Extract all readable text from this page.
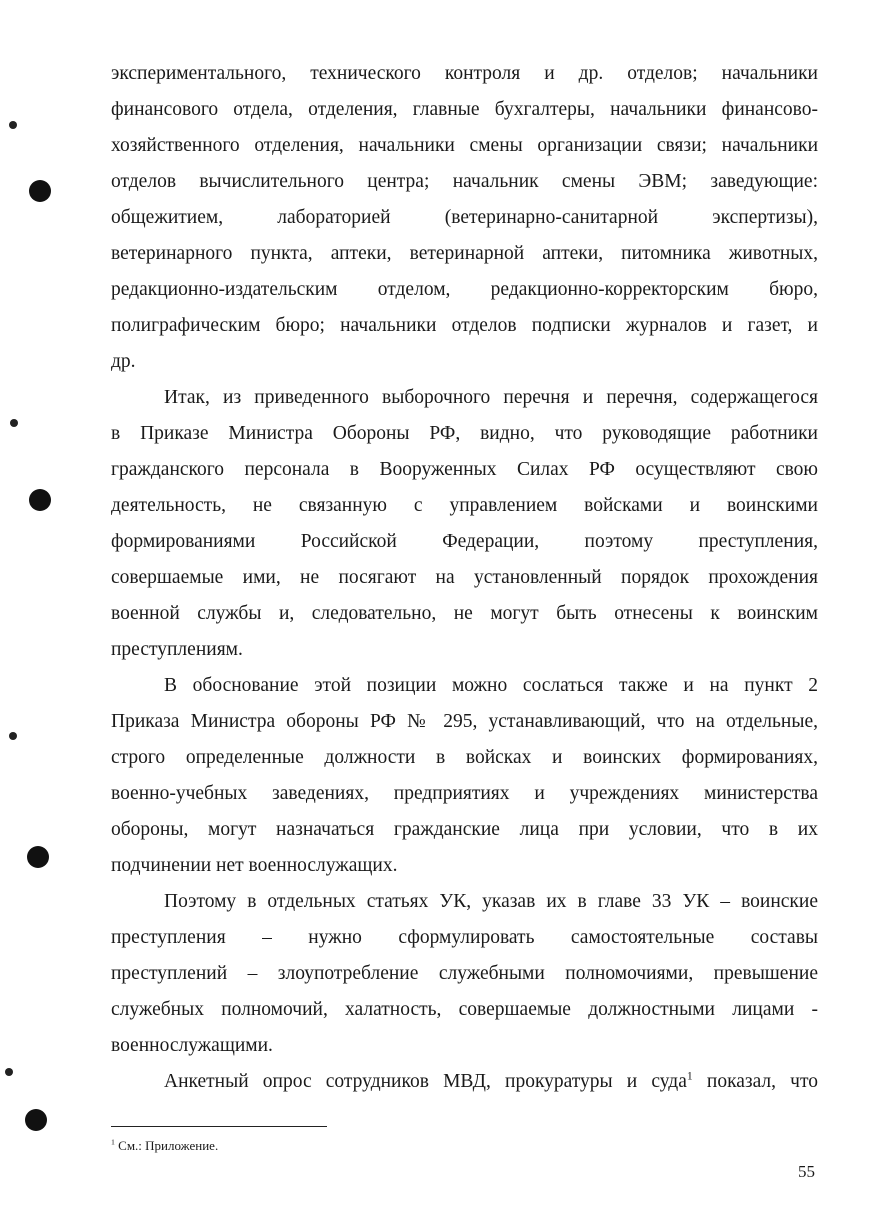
экспериментального, технического контроля и др. отделов; начальники
финансового отдела, отделения, главные бухгалтеры, начальники финансово-
хозяйственного отделения, начальники смены организации связи; начальники
отделов вычислительного центра; начальник смены ЭВМ; заведующие:
общежитием, лабораторией (ветеринарно-санитарной экспертизы),
ветеринарного пункта, аптеки, ветеринарной аптеки, питомника животных,
редакционно-издательским отделом, редакционно-корректорским бюро,
полиграфическим бюро; начальники отделов подписки журналов и газет, и
др.
Итак, из приведенного выборочного перечня и перечня, содержащегося
в Приказе Министра Обороны РФ, видно, что руководящие работники
гражданского персонала в Вооруженных Силах РФ осуществляют свою
деятельность, не связанную с управлением войсками и воинскими
формированиями Российской Федерации, поэтому преступления,
совершаемые ими, не посягают на установленный порядок прохождения
военной службы и, следовательно, не могут быть отнесены к воинским
преступлениям.
В обоснование этой позиции можно сослаться также и на пункт 2
Приказа Министра обороны РФ № 295, устанавливающий, что на отдельные,
строго определенные должности в войсках и воинских формированиях,
военно-учебных заведениях, предприятиях и учреждениях министерства
обороны, могут назначаться гражданские лица при условии, что в их
подчинении нет военнослужащих.
Поэтому в отдельных статьях УК, указав их в главе 33 УК – воинские
преступления – нужно сформулировать самостоятельные составы
преступлений – злоупотребление служебными полномочиями, превышение
служебных полномочий, халатность, совершаемые должностными лицами -
военнослужащими.
Анкетный опрос сотрудников МВД, прокуратуры и суда$^1$ показал, что
$^1$ См.: Приложение.
55
